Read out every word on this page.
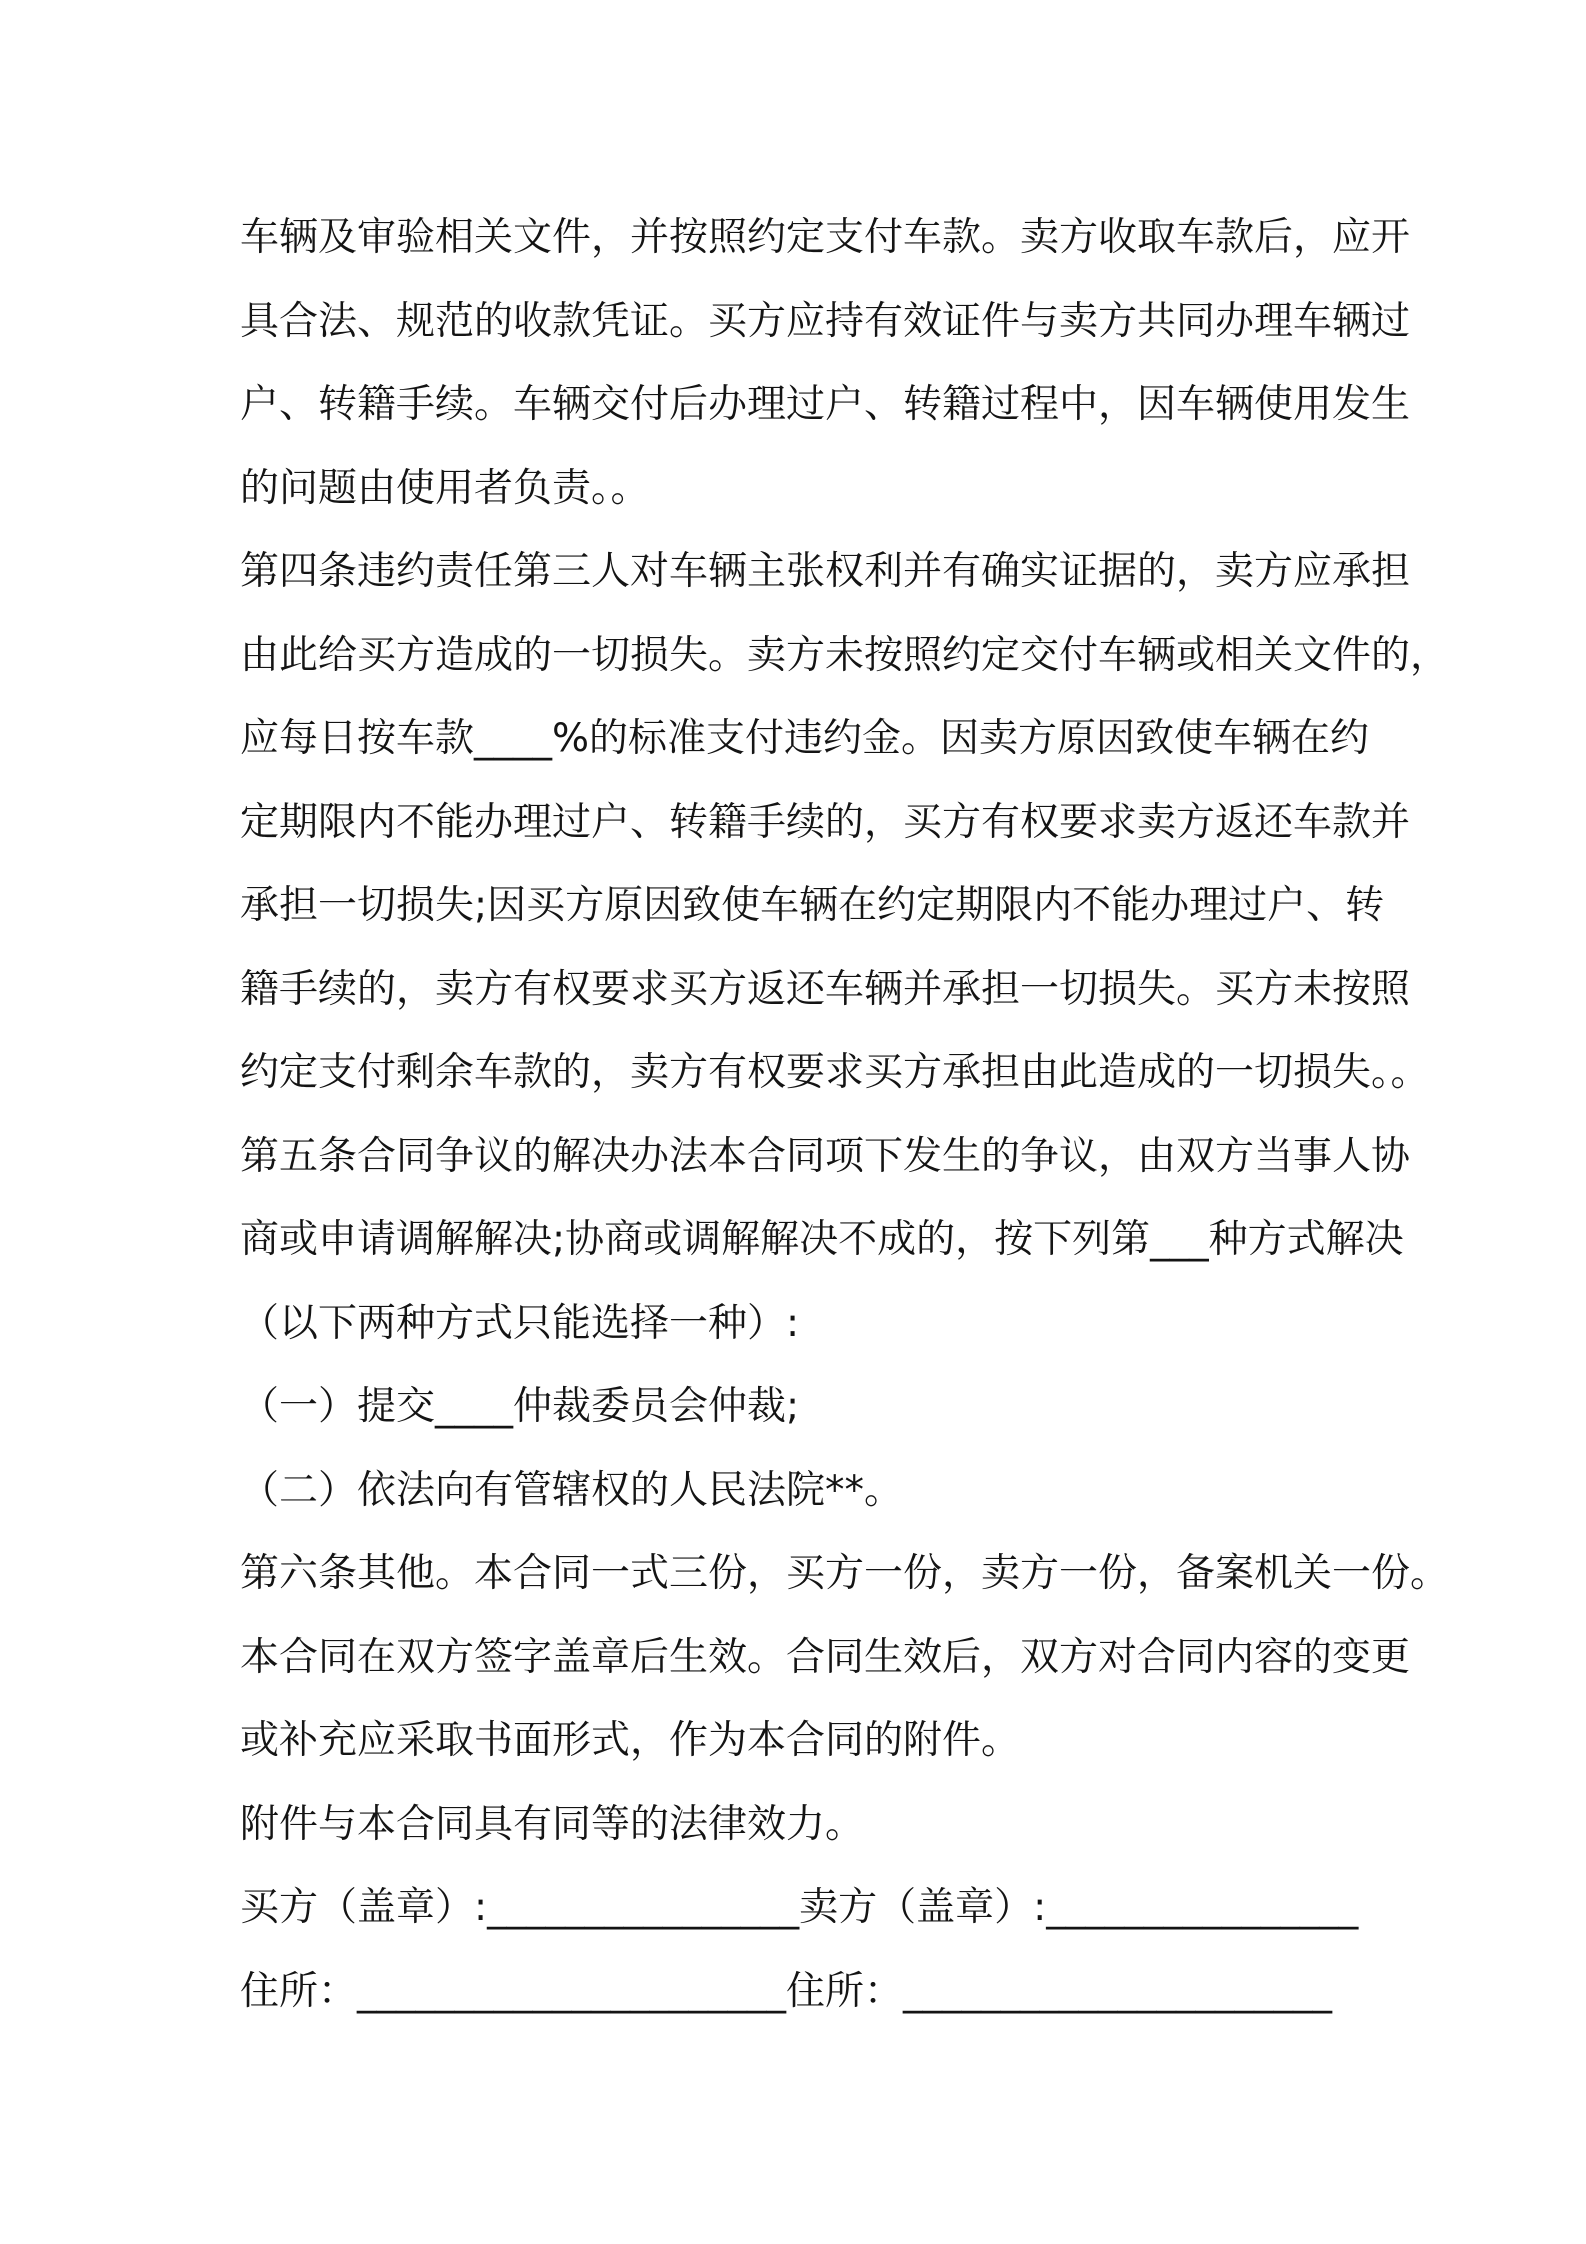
车辆及审验相关文件，并按照约定支付车款。卖方收取车款后，应开
具合法、规范的收款凭证。买方应持有效证件与卖方共同办理车辆过
户、转籍手续。车辆交付后办理过户、转籍过程中，因车辆使用发生
的问题由使用者负责。。
第四条违约责任第三人对车辆主张权利并有确实证据的，卖方应承担
由此给买方造成的一切损失。卖方未按照约定交付车辆或相关文件的，
应每日按车款____%的标准支付违约金。因卖方原因致使车辆在约
定期限内不能办理过户、转籍手续的，买方有权要求卖方返还车款并
承担一切损失;因买方原因致使车辆在约定期限内不能办理过户、转
籍手续的，卖方有权要求买方返还车辆并承担一切损失。买方未按照
约定支付剩余车款的，卖方有权要求买方承担由此造成的一切损失。。
第五条合同争议的解决办法本合同项下发生的争议，由双方当事人协
商或申请调解解决;协商或调解解决不成的，按下列第___种方式解决
（以下两种方式只能选择一种）:
（一）提交____仲裁委员会仲裁;
（二）依法向有管辖权的人民法院**。
第六条其他。本合同一式三份，买方一份，卖方一份，备案机关一份。
本合同在双方签字盖章后生效。合同生效后，双方对合同内容的变更
或补充应采取书面形式，作为本合同的附件。
附件与本合同具有同等的法律效力。
买方（盖章）:________________卖方（盖章）:________________
住所：______________________住所：______________________
